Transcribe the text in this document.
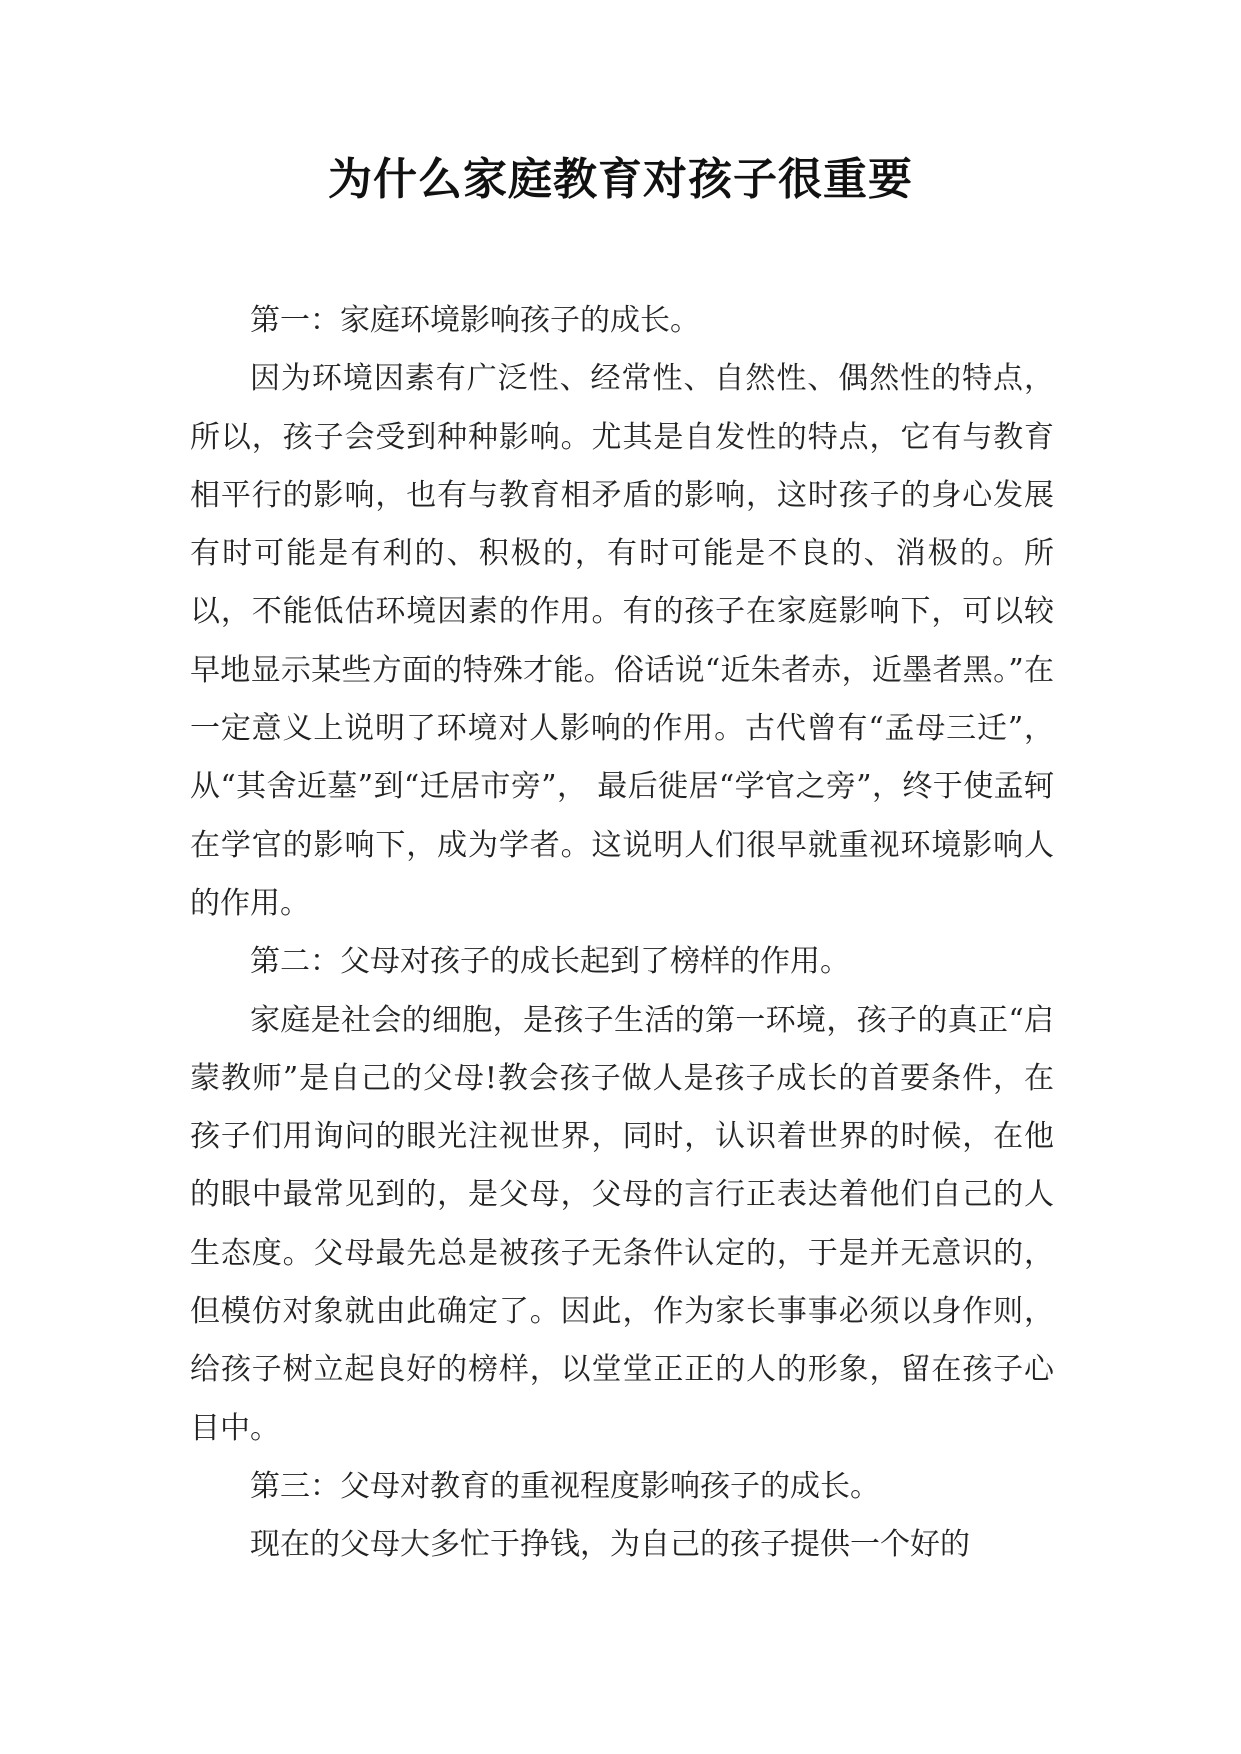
为什么家庭教育对孩子很重要

第一：家庭环境影响孩子的成长。

因为环境因素有广泛性、经常性、自然性、偶然性的特点，所以，孩子会受到种种影响。尤其是自发性的特点，它有与教育相平行的影响，也有与教育相矛盾的影响，这时孩子的身心发展有时可能是有利的、积极的，有时可能是不良的、消极的。所以，不能低估环境因素的作用。有的孩子在家庭影响下，可以较早地显示某些方面的特殊才能。俗话说“近朱者赤，近墨者黑。”在一定意义上说明了环境对人影响的作用。古代曾有“孟母三迁”，从“其舍近墓”到“迁居市旁”， 最后徙居“学官之旁”，终于使孟轲在学官的影响下，成为学者。这说明人们很早就重视环境影响人的作用。

第二：父母对孩子的成长起到了榜样的作用。

家庭是社会的细胞，是孩子生活的第一环境，孩子的真正“启蒙教师”是自己的父母!教会孩子做人是孩子成长的首要条件，在孩子们用询问的眼光注视世界，同时，认识着世界的时候，在他的眼中最常见到的，是父母，父母的言行正表达着他们自己的人生态度。父母最先总是被孩子无条件认定的，于是并无意识的，但模仿对象就由此确定了。因此，作为家长事事必须以身作则，给孩子树立起良好的榜样，以堂堂正正的人的形象，留在孩子心目中。

第三：父母对教育的重视程度影响孩子的成长。

现在的父母大多忙于挣钱，为自己的孩子提供一个好的
